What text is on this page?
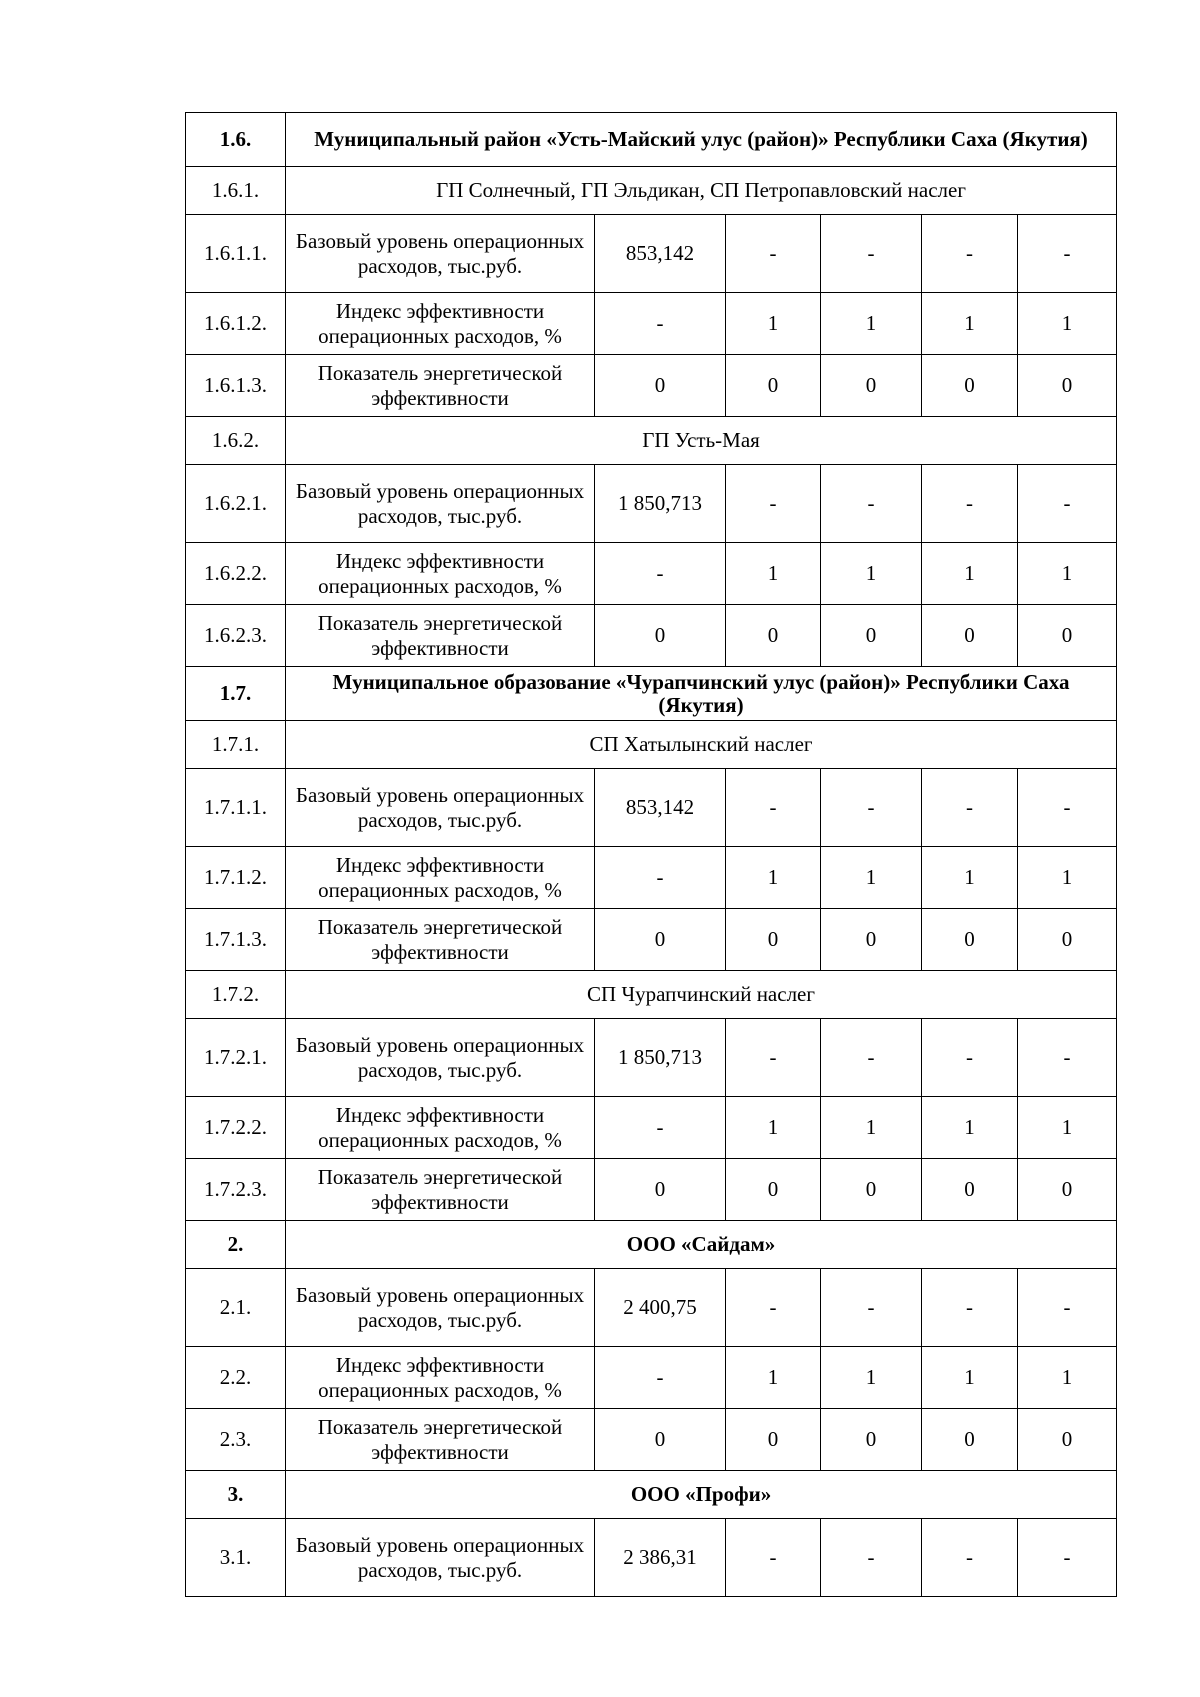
1.6.	Муниципальный район «Усть-Майский улус (район)» Республики Саха (Якутия)					
1.6.1.	ГП Солнечный, ГП Эльдикан, СП Петропавловский наслег					
1.6.1.1.	Базовый уровень операционных расходов, тыс.руб.	853,142	-	-	-	-
1.6.1.2.	Индекс эффективности операционных расходов, %	-	1	1	1	1
1.6.1.3.	Показатель энергетической эффективности	0	0	0	0	0
1.6.2.	ГП Усть-Мая					
1.6.2.1.	Базовый уровень операционных расходов, тыс.руб.	1 850,713	-	-	-	-
1.6.2.2.	Индекс эффективности операционных расходов, %	-	1	1	1	1
1.6.2.3.	Показатель энергетической эффективности	0	0	0	0	0
1.7.	Муниципальное образование «Чурапчинский улус (район)» Республики Саха (Якутия)					
1.7.1.	СП Хатылынский наслег					
1.7.1.1.	Базовый уровень операционных расходов, тыс.руб.	853,142	-	-	-	-
1.7.1.2.	Индекс эффективности операционных расходов, %	-	1	1	1	1
1.7.1.3.	Показатель энергетической эффективности	0	0	0	0	0
1.7.2.	СП Чурапчинский наслег					
1.7.2.1.	Базовый уровень операционных расходов, тыс.руб.	1 850,713	-	-	-	-
1.7.2.2.	Индекс эффективности операционных расходов, %	-	1	1	1	1
1.7.2.3.	Показатель энергетической эффективности	0	0	0	0	0
2.	ООО «Сайдам»					
2.1.	Базовый уровень операционных расходов, тыс.руб.	2 400,75	-	-	-	-
2.2.	Индекс эффективности операционных расходов, %	-	1	1	1	1
2.3.	Показатель энергетической эффективности	0	0	0	0	0
3.	ООО «Профи»					
3.1.	Базовый уровень операционных расходов, тыс.руб.	2 386,31	-	-	-	-
